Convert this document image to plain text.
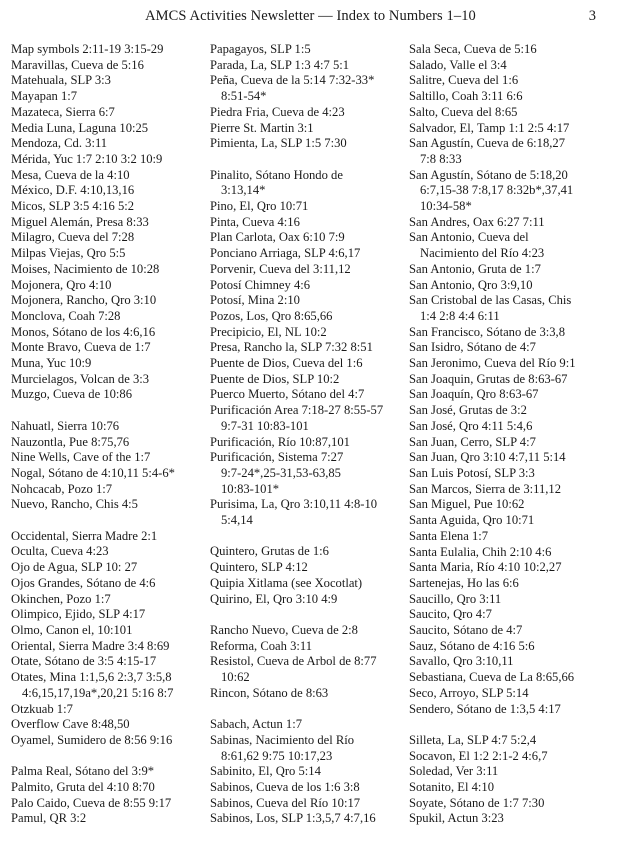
AMCS Activities Newsletter — Index to Numbers 1–10	3
Map symbols 2:11-19 3:15-29
Maravillas, Cueva de 5:16
Matehuala, SLP 3:3
Mayapan 1:7
Mazateca, Sierra 6:7
Media Luna, Laguna 10:25
Mendoza, Cd. 3:11
Mérida, Yuc 1:7 2:10 3:2 10:9
Mesa, Cueva de la 4:10
México, D.F. 4:10,13,16
Micos, SLP 3:5 4:16 5:2
Miguel Alemán, Presa 8:33
Milagro, Cueva del 7:28
Milpas Viejas, Qro 5:5
Moises, Nacimiento de 10:28
Mojonera, Qro 4:10
Mojonera, Rancho, Qro 3:10
Monclova, Coah 7:28
Monos, Sótano de los 4:6,16
Monte Bravo, Cueva de 1:7
Muna, Yuc 10:9
Murcielagos, Volcan de 3:3
Muzgo, Cueva de 10:86
Nahuatl, Sierra 10:76
Nauzontla, Pue 8:75,76
Nine Wells, Cave of the 1:7
Nogal, Sótano de 4:10,11 5:4-6*
Nohcacab, Pozo 1:7
Nuevo, Rancho, Chis 4:5
Occidental, Sierra Madre 2:1
Oculta, Cueva 4:23
Ojo de Agua, SLP 10: 27
Ojos Grandes, Sótano de 4:6
Okinchen, Pozo 1:7
Olimpico, Ejido, SLP 4:17
Olmo, Canon el, 10:101
Oriental, Sierra Madre 3:4 8:69
Otate, Sótano de 3:5 4:15-17
Otates, Mina 1:1,5,6 2:3,7 3:5,8
4:6,15,17,19a*,20,21 5:16 8:7
Otzkuab 1:7
Overflow Cave 8:48,50
Oyamel, Sumidero de 8:56 9:16
Palma Real, Sótano del 3:9*
Palmito, Gruta del 4:10 8:70
Palo Caido, Cueva de 8:55 9:17
Pamul, QR 3:2
Papagayos, SLP 1:5
Parada, La, SLP 1:3 4:7 5:1
Peña, Cueva de la 5:14 7:32-33*
8:51-54*
Piedra Fria, Cueva de 4:23
Pierre St. Martin 3:1
Pimienta, La, SLP 1:5 7:30
Pinalito, Sótano Hondo de
3:13,14*
Pino, El, Qro 10:71
Pinta, Cueva 4:16
Plan Carlota, Oax 6:10 7:9
Ponciano Arriaga, SLP 4:6,17
Porvenir, Cueva del 3:11,12
Potosí Chimney 4:6
Potosí, Mina 2:10
Pozos, Los, Qro 8:65,66
Precipicio, El, NL 10:2
Presa, Rancho la, SLP 7:32 8:51
Puente de Dios, Cueva del 1:6
Puente de Dios, SLP 10:2
Puerco Muerto, Sótano del 4:7
Purificación Area 7:18-27 8:55-57
9:7-31 10:83-101
Purificación, Río 10:87,101
Purificación, Sistema 7:27
9:7-24*,25-31,53-63,85
10:83-101*
Purisima, La, Qro 3:10,11 4:8-10
5:4,14
Quintero, Grutas de 1:6
Quintero, SLP 4:12
Quipia Xitlama (see Xocotlat)
Quirino, El, Qro 3:10 4:9
Rancho Nuevo, Cueva de 2:8
Reforma, Coah 3:11
Resistol, Cueva de Arbol de 8:77
10:62
Rincon, Sótano de 8:63
Sabach, Actun 1:7
Sabinas, Nacimiento del Río
8:61,62 9:75 10:17,23
Sabinito, El, Qro 5:14
Sabinos, Cueva de los 1:6 3:8
Sabinos, Cueva del Río 10:17
Sabinos, Los, SLP 1:3,5,7 4:7,16
Sala Seca, Cueva de 5:16
Salado, Valle el 3:4
Salitre, Cueva del 1:6
Saltillo, Coah 3:11 6:6
Salto, Cueva del 8:65
Salvador, El, Tamp 1:1 2:5 4:17
San Agustín, Cueva de 6:18,27
7:8 8:33
San Agustín, Sótano de 5:18,20
6:7,15-38 7:8,17 8:32b*,37,41
10:34-58*
San Andres, Oax 6:27 7:11
San Antonio, Cueva del
Nacimiento del Río 4:23
San Antonio, Gruta de 1:7
San Antonio, Qro 3:9,10
San Cristobal de las Casas, Chis
1:4 2:8 4:4 6:11
San Francisco, Sótano de 3:3,8
San Isidro, Sótano de 4:7
San Jeronimo, Cueva del Río 9:1
San Joaquin, Grutas de 8:63-67
San Joaquín, Qro 8:63-67
San José, Grutas de 3:2
San José, Qro 4:11 5:4,6
San Juan, Cerro, SLP 4:7
San Juan, Qro 3:10 4:7,11 5:14
San Luis Potosí, SLP 3:3
San Marcos, Sierra de 3:11,12
San Miguel, Pue 10:62
Santa Aguida, Qro 10:71
Santa Elena 1:7
Santa Eulalia, Chih 2:10 4:6
Santa Maria, Río 4:10 10:2,27
Sartenejas, Ho las 6:6
Saucillo, Qro 3:11
Saucito, Qro 4:7
Saucito, Sótano de 4:7
Sauz, Sótano de 4:16 5:6
Savallo, Qro 3:10,11
Sebastiana, Cueva de La 8:65,66
Seco, Arroyo, SLP 5:14
Sendero, Sótano de 1:3,5 4:17
Silleta, La, SLP 4:7 5:2,4
Socavon, El 1:2 2:1-2 4:6,7
Soledad, Ver 3:11
Sotanito, El 4:10
Soyate, Sótano de 1:7 7:30
Spukil, Actun 3:23
